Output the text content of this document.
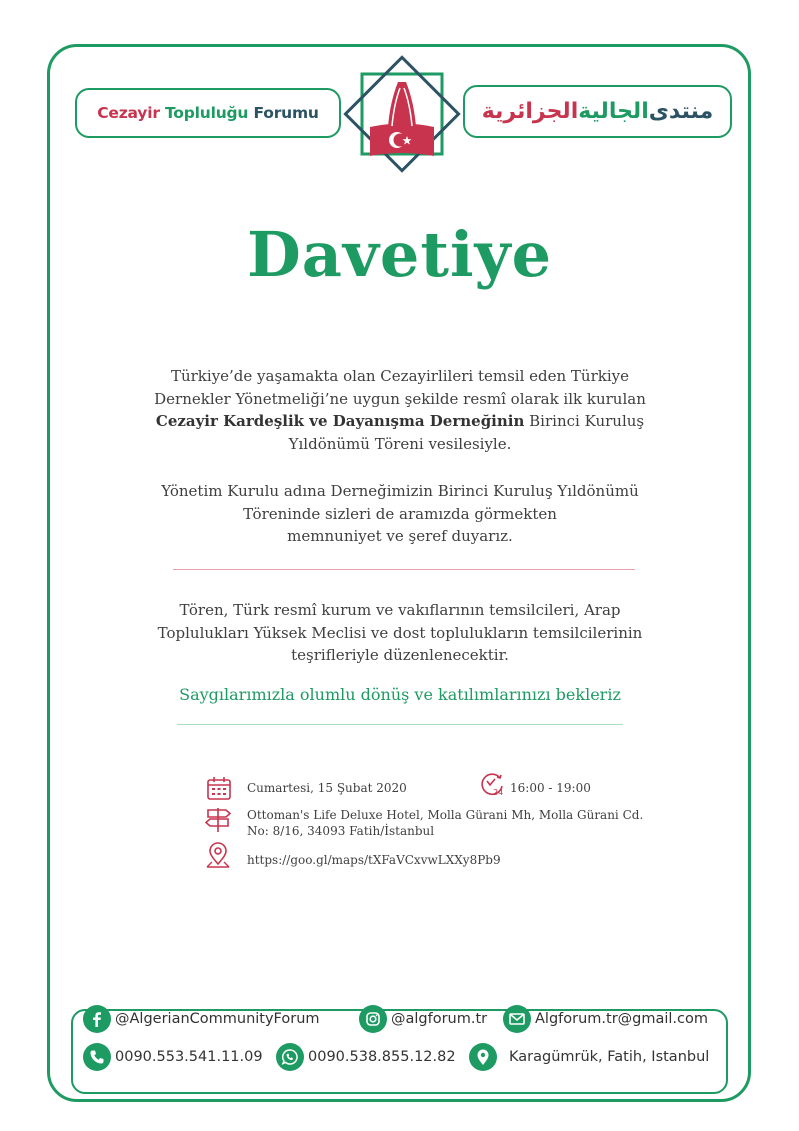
Cezayir
Topluluğu
Forumu	منتدى
الجالية
الجزائرية
Davetiye
Türkiye’de yaşamakta olan Cezayirlileri temsil eden Türkiye
Dernekler Yönetmeliği’ne uygun şekilde resmî olarak ilk kurulan
Cezayir Kardeşlik ve Dayanışma Derneğinin Birinci Kuruluş
Yıldönümü Töreni vesilesiyle.
Yönetim Kurulu adına Derneğimizin Birinci Kuruluş Yıldönümü
Töreninde sizleri de aramızda görmekten
memnuniyet ve şeref duyarız.
Tören, Türk resmî kurum ve vakıflarının temsilcileri, Arap
Toplulukları Yüksek Meclisi ve dost toplulukların temsilcilerinin
teşrifleriyle düzenlenecektir.
Saygılarımızla olumlu dönüş ve katılımlarınızı bekleriz
Cumartesi, 15 Şubat 2020	24 16:00 - 19:00
Ottoman's Life Deluxe Hotel, Molla Gürani Mh, Molla Gürani Cd.
No: 8/16, 34093 Fatih/İstanbul
https://goo.gl/maps/tXFaVCxvwLXXy8Pb9
@AlgerianCommunityForum	@algforum.tr	Algforum.tr@gmail.com
0090.553.541.11.09	0090.538.855.12.82	Karagümrük, Fatih, Istanbul
